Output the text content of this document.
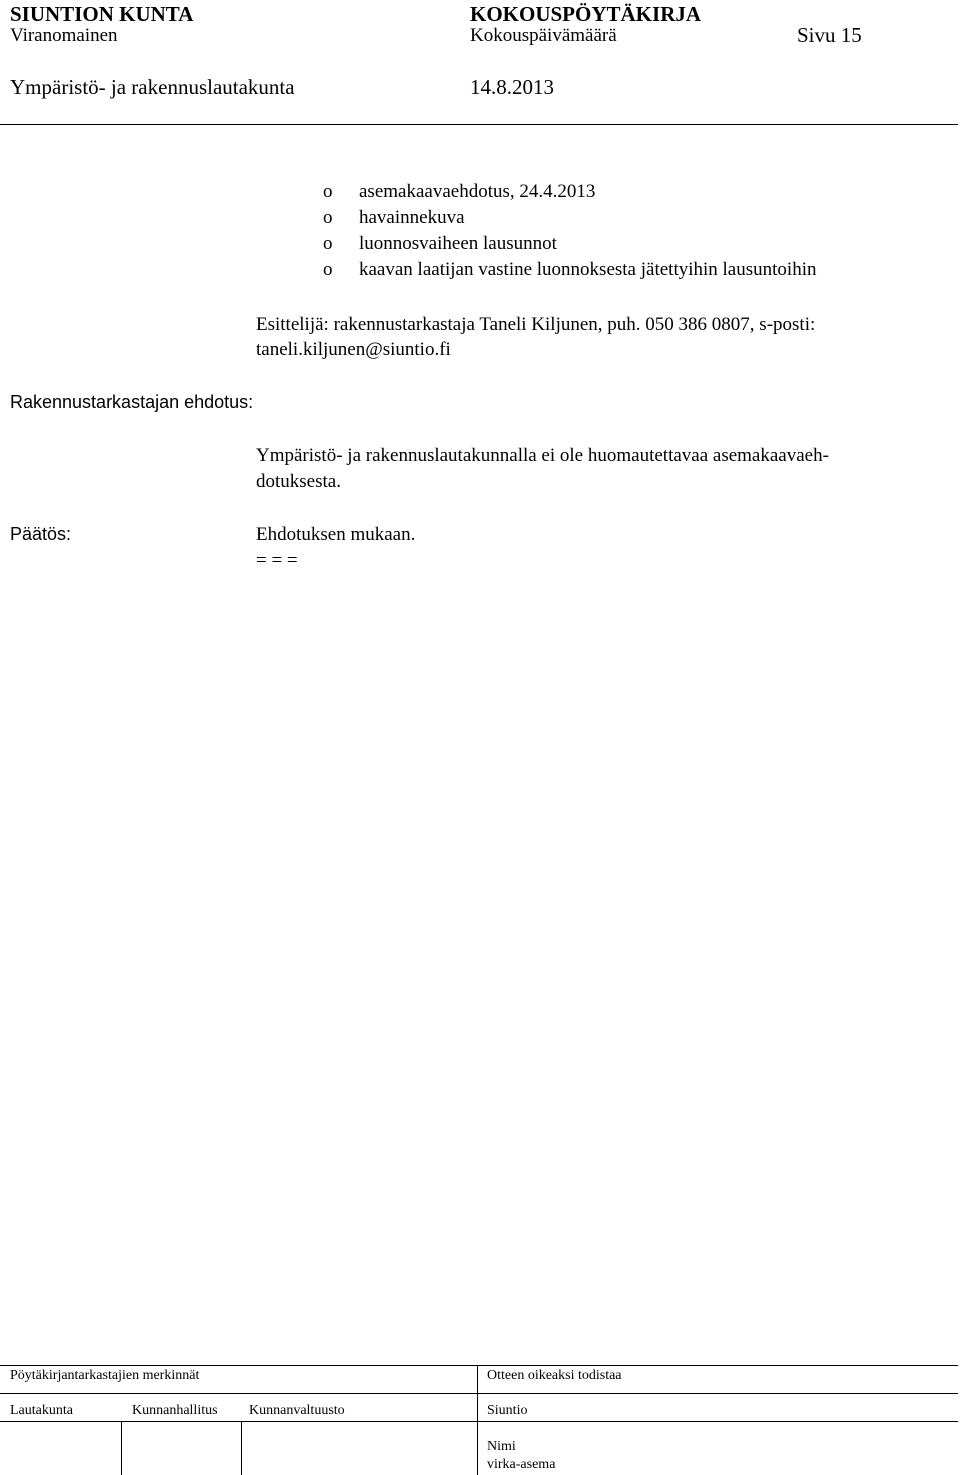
SIUNTION KUNTA	KOKOUSPÖYTÄKIRJA
Viranomainen	Kokouspäivämäärä	Sivu 15
Ympäristö- ja rakennuslautakunta	14.8.2013
o asemakaavaehdotus, 24.4.2013
o havainnekuva
o luonnosvaiheen lausunnot
o kaavan laatijan vastine luonnoksesta jätettyihin lausuntoihin
Esittelijä: rakennustarkastaja Taneli Kiljunen, puh. 050 386 0807, s-posti:
taneli.kiljunen@siuntio.fi
Rakennustarkastajan ehdotus:
Ympäristö- ja rakennuslautakunnalla ei ole huomautettavaa asemakaavaeh-
dotuksesta.
Päätös:	Ehdotuksen mukaan.
= = =
Pöytäkirjantarkastajien merkinnät	Otteen oikeaksi todistaa
Lautakunta	Kunnanhallitus Kunnanvaltuusto	Siuntio
Nimi
virka-asema
